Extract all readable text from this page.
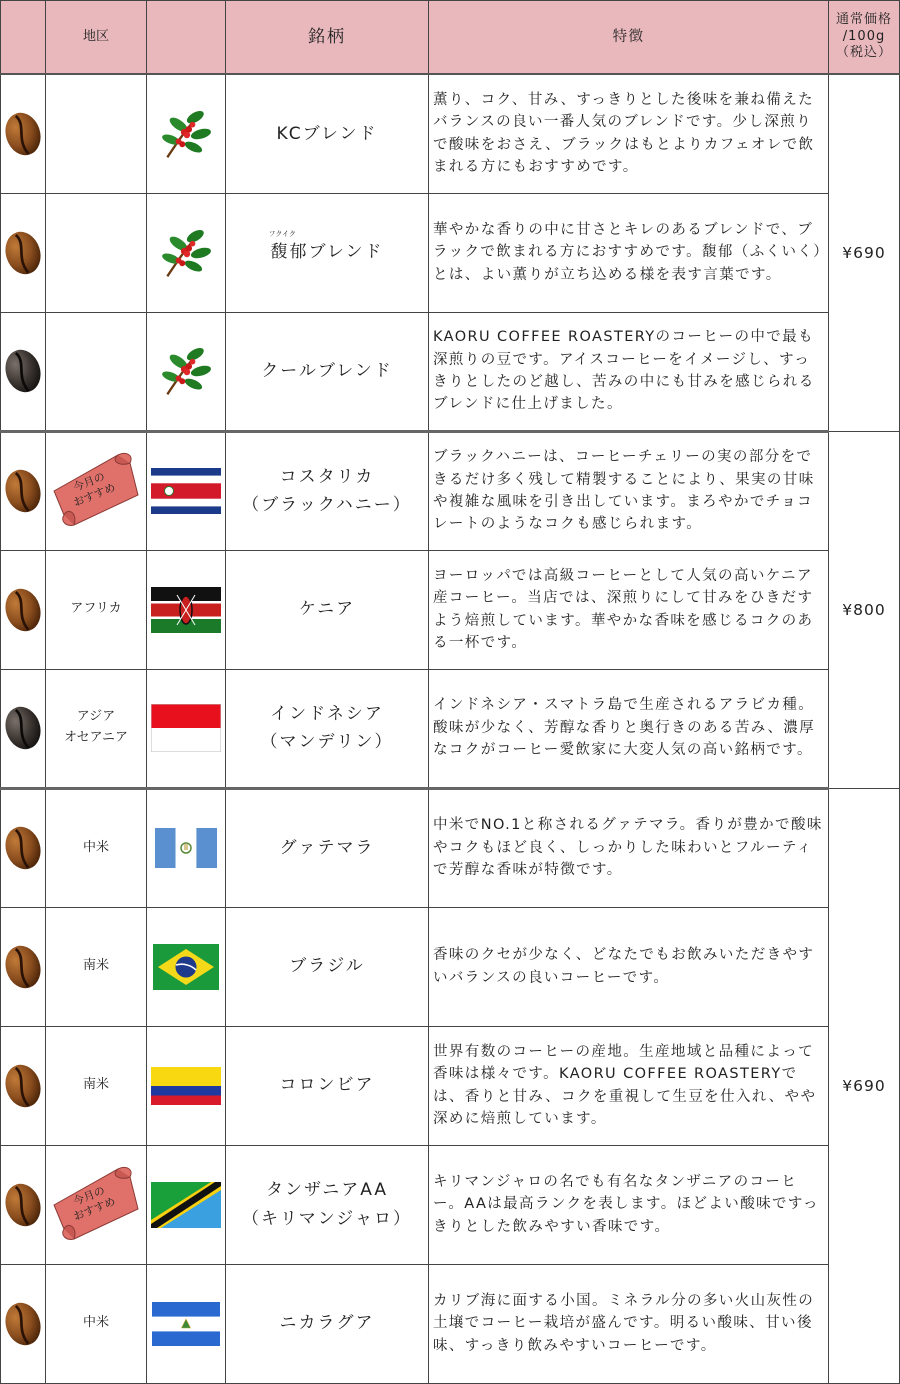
	地区		銘柄	特徴	通常価格
/100g
（税込）

	KCブレンド	薫り、コク、甘み、すっきりとした後味を兼ね備えたバランスの良い一番人気のブレンドです。少し深煎りで酸味をおさえ、ブラックはもとよりカフェオレで飲まれる方にもおすすめです。	¥690

フクイク
馥郁ブレンド	華やかな香りの中に甘さとキレのあるブレンドで、ブラックで飲まれる方におすすめです。馥郁（ふくいく）とは、よい薫りが立ち込める様を表す言葉です。	

	クールブレンド	KAORU COFFEE ROASTERYのコーヒーの中で最も深煎りの豆です。アイスコーヒーをイメージし、すっきりとしたのど越し、苦みの中にも甘みを感じられるブレンドに仕上げました。	

今月の
おすすめ		コスタリカ
（ブラックハニー）	ブラックハニーは、コーヒーチェリーの実の部分をできるだけ多く残して精製することにより、果実の甘味や複雑な風味を引き出しています。まろやかでチョコレートのようなコクも感じられます。	¥800

	アフリカ		ケニア	ヨーロッパでは高級コーヒーとして人気の高いケニア産コーヒー。当店では、深煎りにして甘みをひきだすよう焙煎しています。華やかな香味を感じるコクのある一杯です。	

	アジア
オセアニア		インドネシア
（マンデリン）	インドネシア・スマトラ島で生産されるアラビカ種。酸味が少なく、芳醇な香りと奥行きのある苦み、濃厚なコクがコーヒー愛飲家に大変人気の高い銘柄です。	

	中米		グァテマラ	中米でNO.1と称されるグァテマラ。香りが豊かで酸味やコクもほど良く、しっかりした味わいとフルーティで芳醇な香味が特徴です。	¥690

	南米		ブラジル	香味のクセが少なく、どなたでもお飲みいただきやすいバランスの良いコーヒーです。	

	南米		コロンビア	世界有数のコーヒーの産地。生産地域と品種によって香味は様々です。KAORU COFFEE ROASTERYでは、香りと甘み、コクを重視して生豆を仕入れ、やや深めに焙煎しています。	

今月の
おすすめ		タンザニアAA
（キリマンジャロ）	キリマンジャロの名でも有名なタンザニアのコーヒー。AAは最高ランクを表します。ほどよい酸味ですっきりとした飲みやすい香味です。	

	中米		ニカラグア	カリブ海に面する小国。ミネラル分の多い火山灰性の土壌でコーヒー栽培が盛んです。明るい酸味、甘い後味、すっきり飲みやすいコーヒーです。	
